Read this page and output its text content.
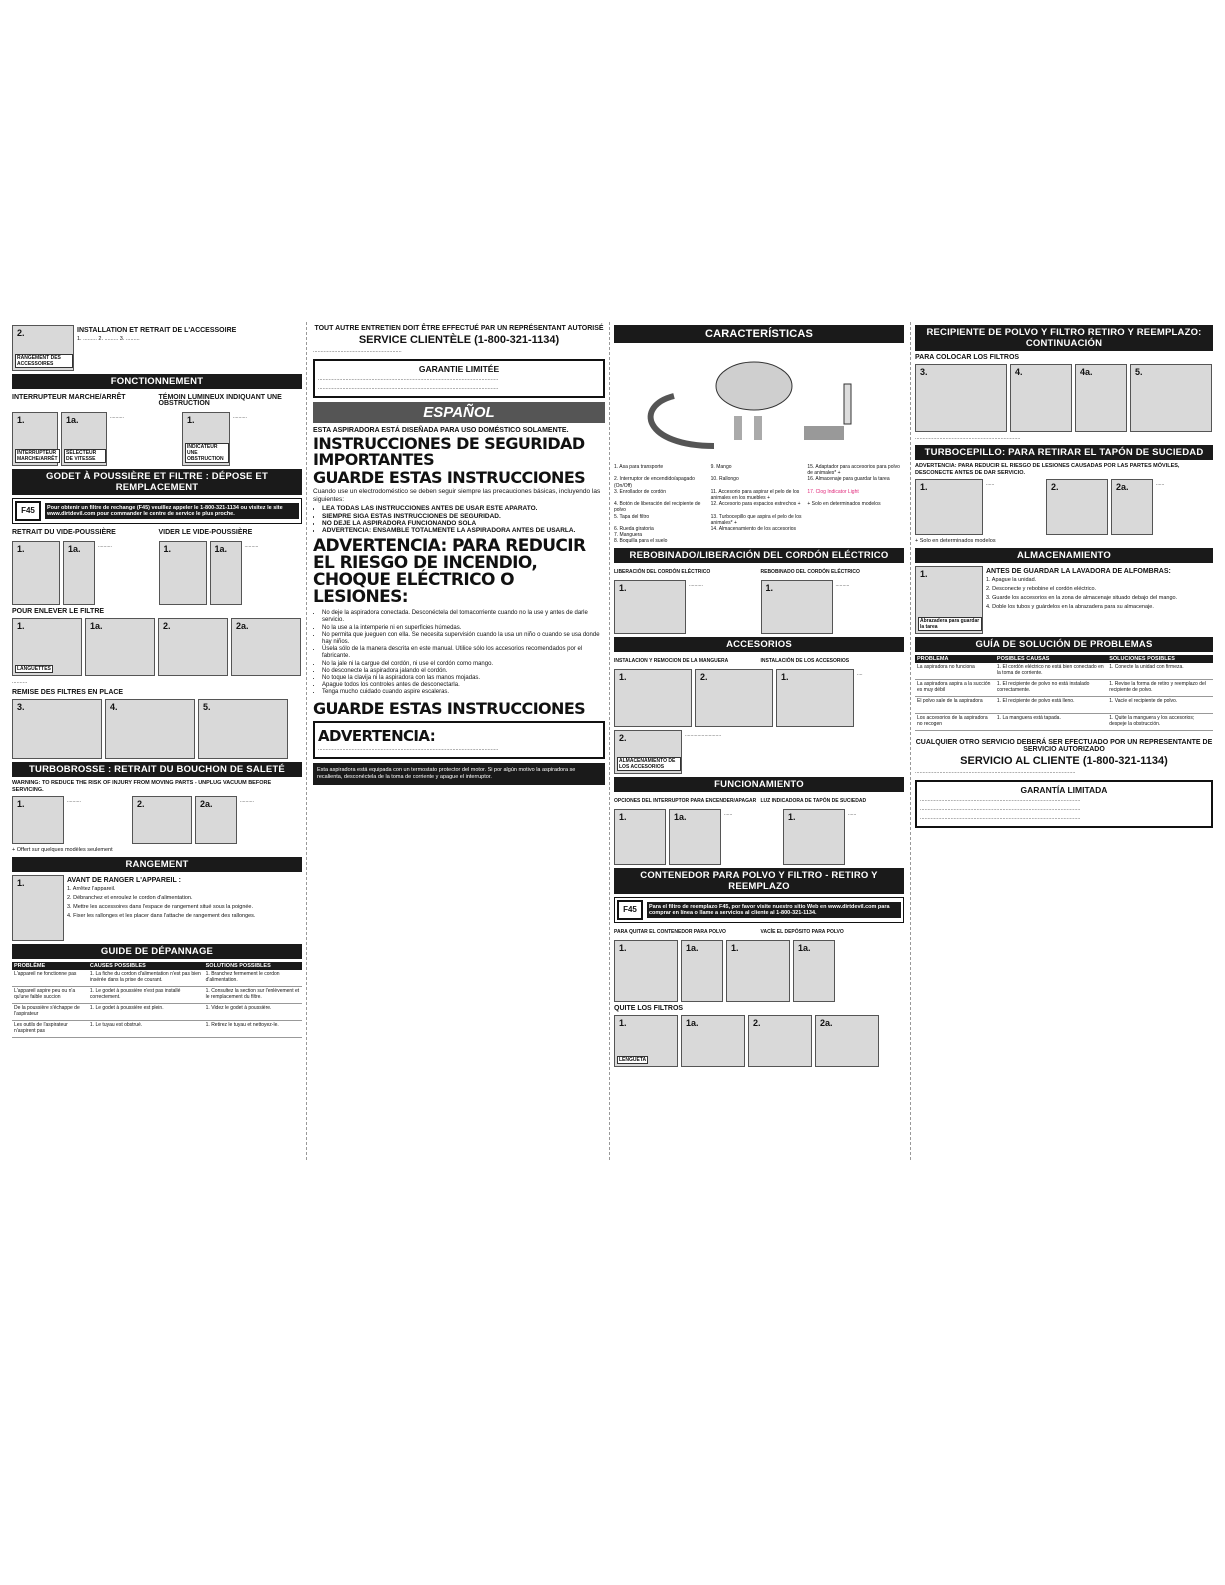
2.
RANGEMENT DES ACCESSOIRES
INSTALLATION ET RETRAIT DE L'ACCESSOIRE
1. ......... 2. ......... 3. .........
FONCTIONNEMENT
INTERRUPTEUR MARCHE/ARRÊT	TÉMOIN LUMINEUX INDIQUANT UNE OBSTRUCTION
1.
INTERRUPTEUR MARCHE/ARRÊT
1a.
SÉLECTEUR DE VITESSE
..........	1.
INDICATEUR UNE OBSTRUCTION
..........
GODET À POUSSIÈRE ET FILTRE : DÉPOSE ET REMPLACEMENT
F45	Pour obtenir un filtre de rechange (F45) veuillez appeler le 1-800-321-1134 ou visitez le site www.dirtdevil.com pour commander le centre de service le plus proche.
RETRAIT DU VIDE-POUSSIÈRE	VIDER LE VIDE-POUSSIÈRE
1.	1a.	..........	1.	1a.	..........
POUR ENLEVER LE FILTRE
1.
LANGUETTES
1a.	2.	2a.
..........
REMISE DES FILTRES EN PLACE
3.	4.	5.
TURBOBROSSE : RETRAIT DU BOUCHON DE SALETÉ
WARNING: TO REDUCE THE RISK OF INJURY FROM MOVING PARTS - UNPLUG VACUUM BEFORE SERVICING.
1.	..........	2.	2a.	..........
+ Offert sur quelques modèles seulement
RANGEMENT
1.	AVANT DE RANGER L'APPAREIL :
1. Arrêtez l'appareil.
2. Débranchez et enroulez le cordon d'alimentation.
3. Mettre les accessoires dans l'espace de rangement situé sous la poignée.
4. Fixer les rallonges et les placer dans l'attache de rangement des rallonges.
GUIDE DE DÉPANNAGE
PROBLÈME	CAUSES POSSIBLES	SOLUTIONS POSSIBLES
L'appareil ne fonctionne pas	1. La fiche du cordon d'alimentation n'est pas bien insérée dans la prise de courant.	1. Branchez fermement le cordon d'alimentation.
L'appareil aspire peu ou n'a qu'une faible succion	1. Le godet à poussière n'est pas installé correctement.	1. Consultez la section sur l'enlèvement et le remplacement du filtre.
De la poussière s'échappe de l'aspirateur	1. Le godet à poussière est plein.	1. Videz le godet à poussière.
Les outils de l'aspirateur n'aspirent pas	1. Le tuyau est obstrué.	1. Retirez le tuyau et nettoyez-le.
TOUT AUTRE ENTRETIEN DOIT ÊTRE EFFECTUÉ PAR UN REPRÉSENTANT AUTORISÉ
SERVICE CLIENTÈLE (1-800-321-1134)
..........................................................
GARANTIE LIMITÉE
......................................................................................................................
......................................................................................................................
ESPAÑOL
ESTA ASPIRADORA ESTÁ DISEÑADA PARA USO DOMÉSTICO SOLAMENTE.
INSTRUCCIONES DE SEGURIDAD IMPORTANTES
GUARDE ESTAS INSTRUCCIONES
Cuando use un electrodoméstico se deben seguir siempre las precauciones básicas, incluyendo las siguientes:
• LEA TODAS LAS INSTRUCCIONES ANTES DE USAR ESTE APARATO.
• SIEMPRE SIGA ESTAS INSTRUCCIONES DE SEGURIDAD.
• NO DEJE LA ASPIRADORA FUNCIONANDO SOLA
• ADVERTENCIA: ENSAMBLE TOTALMENTE LA ASPIRADORA ANTES DE USARLA.
ADVERTENCIA: PARA REDUCIR EL RIESGO DE INCENDIO, CHOQUE ELÉCTRICO O LESIONES:
• No deje la aspiradora conectada. Desconéctela del tomacorriente cuando no la use y antes de darle servicio.
• No la use a la intemperie ni en superficies húmedas.
• No permita que jueguen con ella. Se necesita supervisión cuando la usa un niño o cuando se usa donde hay niños.
• Úsela sólo de la manera descrita en este manual. Utilice sólo los accesorios recomendados por el fabricante.
• No la jale ni la cargue del cordón, ni use el cordón como mango.
• No desconecte la aspiradora jalando el cordón.
• No toque la clavija ni la aspiradora con las manos mojadas.
• Apague todos los controles antes de desconectarla.
• Tenga mucho cuidado cuando aspire escaleras.
GUARDE ESTAS INSTRUCCIONES
ADVERTENCIA:
......................................................................................................................
Esta aspiradora está equipada con un termostato protector del motor. Si por algún motivo la aspiradora se recalienta, desconéctela de la toma de corriente y apague el interruptor.
CARACTERÍSTICAS
1. Asa para transporte	9. Mango	15. Adaptador para accesorios para polvo de animales* +
2. Interruptor de encendido/apagado (On/Off)
10. Rallongo	16. Almacenaje para guardar la tarea
3. Enrollador de cordón	11. Accesorio para aspirar el pelo de los animales en los muebles +
17. Clog Indicator Light
4. Botón de liberación del recipiente de polvo
12. Accesorio para espacios estrechos +	+ Solo en determinados modelos
5. Tapa del filtro	13. Turbocepillo que aspira el pelo de los animales* +
6. Rueda giratoria	14. Almacenamiento de los accesorios
7. Manguera
8. Boquilla para el suelo
REBOBINADO/LIBERACIÓN DEL CORDÓN ELÉCTRICO
LIBERACIÓN DEL CORDÓN ELÉCTRICO	REBOBINADO DEL CORDÓN ELÉCTRICO
1.	..........	1.	..........
ACCESORIOS
INSTALACION Y REMOCION DE LA MANGUERA	INSTALACIÓN DE LOS ACCESORIOS
1.	2.	1.	....
2.
ALMACENAMIENTO DE LOS ACCESORIOS
..........................
FUNCIONAMIENTO
OPCIONES DEL INTERRUPTOR PARA ENCENDER/APAGAR LUZ INDICADORA DE TAPÓN DE SUCIEDAD
1.	1a.	......	1.	......
CONTENEDOR PARA POLVO Y FILTRO - RETIRO Y REEMPLAZO
F45	Para el filtro de reemplazo F45, por favor visite nuestro sitio Web en www.dirtdevil.com para comprar en línea o llame a servicios al cliente al 1-800-321-1134.
PARA QUITAR EL CONTENEDOR PARA POLVO	VACÍE EL DEPÓSITO PARA POLVO
1.	1a.	1.	1a.
QUITE LOS FILTROS
1.
LENGÜETA
1a.	2.	2a.
RECIPIENTE DE POLVO Y FILTRO RETIRO Y REEMPLAZO: CONTINUACIÓN
PARA COLOCAR LOS FILTROS
3.	4.	4a.	5.
.....................................................................
TURBOCEPILLO: PARA RETIRAR EL TAPÓN DE SUCIEDAD
ADVERTENCIA: PARA REDUCIR EL RIESGO DE LESIONES CAUSADAS POR LAS PARTES MÓVILES, DESCONECTE ANTES DE DAR SERVICIO.
1.	......	2.	2a.	......
+ Solo en determinados modelos
ALMACENAMIENTO
1.
Abrazadera para guardar la tarea
ANTES DE GUARDAR LA LAVADORA DE ALFOMBRAS:
1. Apague la unidad.
2. Desconecte y rebobine el cordón eléctrico.
3. Guarde los accesorios en la zona de almacenaje situado debajo del mango.
4. Doble los tubos y guárdelos en la abrazadera para su almacenaje.
GUÍA DE SOLUCIÓN DE PROBLEMAS
PROBLEMA	POSIBLES CAUSAS	SOLUCIONES POSIBLES
La aspiradora no funciona	1. El cordón eléctrico no está bien conectado en la toma de corriente.	1. Conecte la unidad con firmeza.
La aspiradora aspira a la succión es muy débil	1. El recipiente de polvo no está instalado correctamente.	1. Revise la forma de retiro y reemplazo del recipiente de polvo.
El polvo sale de la aspiradora	1. El recipiente de polvo está lleno.	1. Vacíe el recipiente de polvo.
Los accesorios de la aspiradora no recogen	1. La manguera está tapada.	1. Quite la manguera y los accesorios; despeje la obstrucción.
CUALQUIER OTRO SERVICIO DEBERÁ SER EFECTUADO POR UN REPRESENTANTE DE SERVICIO AUTORIZADO
SERVICIO AL CLIENTE (1-800-321-1134)
.........................................................................................................
GARANTÍA LIMITADA
.........................................................................................................
.........................................................................................................
.........................................................................................................
